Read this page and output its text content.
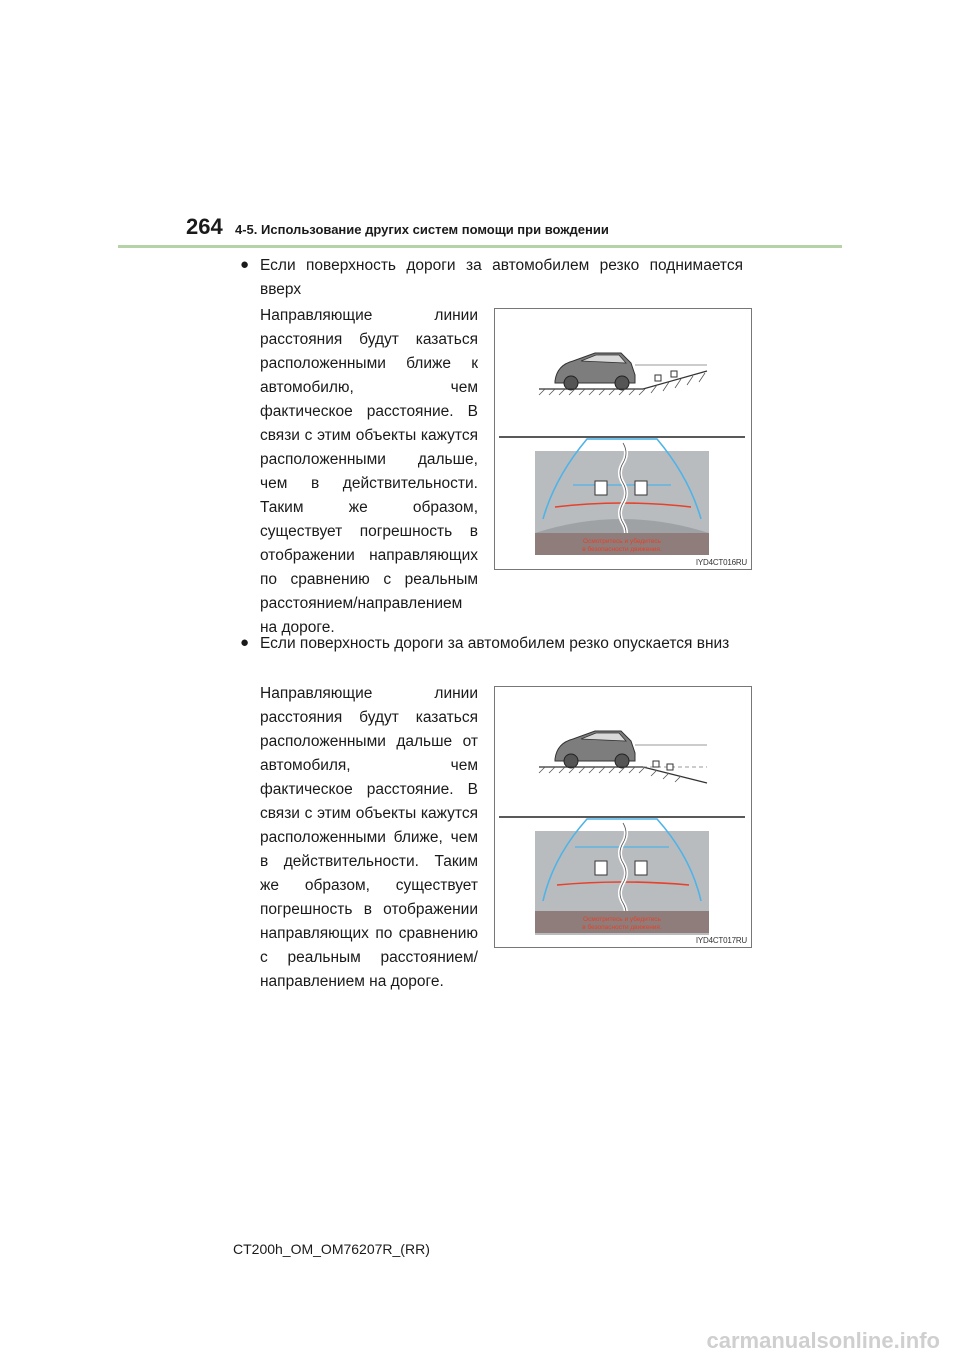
264 4-5. Использование других систем помощи при вождении
● Если поверхность дороги за автомобилем резко поднимается вверх
Направляющие линии расстояния будут казаться расположенными ближе к автомобилю, чем фактическое расстояние. В связи с этим объекты кажутся расположенными дальше, чем в действительности. Таким же образом, существует погрешность в отображении направляющих по сравнению с реальным расстоянием/направлением на дороге.
Осмотритесь и убедитесь
в безопасности движения.
IYD4CT016RU
● Если поверхность дороги за автомобилем резко опускается вниз
Направляющие линии расстояния будут казаться расположенными дальше от автомобиля, чем фактическое расстояние. В связи с этим объекты кажутся расположенными ближе, чем в действительности. Таким же образом, существует погрешность в отображении направляющих по сравнению с реальным расстоянием/направлением на дороге.
Осмотритесь и убедитесь
в безопасности движения.
IYD4CT017RU
CT200h_OM_OM76207R_(RR)
carmanualsonline.info
